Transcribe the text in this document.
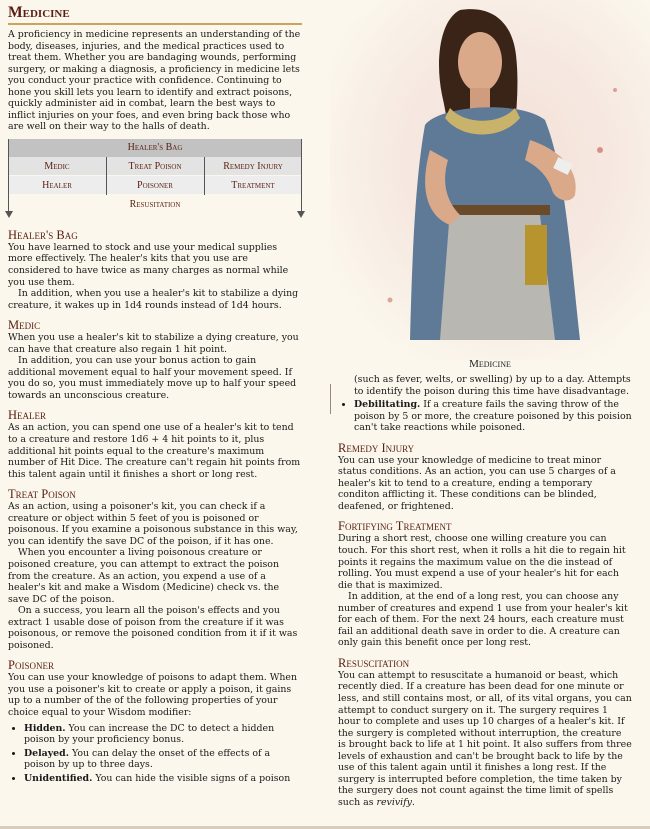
Medicine
Medicine

A proficiency in medicine represents an understanding of the body, diseases, injuries, and the medical practices used to treat them. Whether you are bandaging wounds, performing surgery, or making a diagnosis, a proficiency in medicine lets you conduct your practice with confidence. Continuing to hone you skill lets you learn to identify and extract poisons, quickly administer aid in combat, learn the best ways to inflict injuries on your foes, and even bring back those who are well on their way to the halls of death.

Healer's Bag
Medic	Treat Poison	Remedy Injury
Healer	Poisoner	Treatment
Resusitation
Healer's Bag

You have learned to stock and use your medical supplies more effectively. The healer's kits that you use are considered to have twice as many charges as normal while you use them.

In addition, when you use a healer's kit to stabilize a dying creature, it wakes up in 1d4 rounds instead of 1d4 hours.

Medic

When you use a healer's kit to stabilize a dying creature, you can have that creature also regain 1 hit point.

In addition, you can use your bonus action to gain additional movement equal to half your movement speed. If you do so, you must immediately move up to half your speed towards an unconscious creature.

Healer

As an action, you can spend one use of a healer's kit to tend to a creature and restore 1d6 + 4 hit points to it, plus additional hit points equal to the creature's maximum number of Hit Dice. The creature can't regain hit points from this talent again until it finishes a short or long rest.

Treat Poison

As an action, using a poisoner's kit, you can check if a creature or object within 5 feet of you is poisoned or poisonous. If you examine a poisonous substance in this way, you can identify the save DC of the poison, if it has one.

When you encounter a living poisonous creature or poisoned creature, you can attempt to extract the poison from the creature. As an action, you expend a use of a healer's kit and make a Wisdom (Medicine) check vs. the save DC of the poison.

On a success, you learn all the poison's effects and you extract 1 usable dose of poison from the creature if it was poisonous, or remove the poisoned condition from it if it was poisoned.

Poisoner

You can use your knowledge of poisons to adapt them. When you use a poisoner's kit to create or apply a poison, it gains up to a number of the of the following properties of your choice equal to your Wisdom modifier:

• Hidden. You can increase the DC to detect a hidden poison by your proficiency bonus.
• Delayed. You can delay the onset of the effects of a poison by up to three days.
• Unidentified. You can hide the visible signs of a poison

(such as fever, welts, or swelling) by up to a day. Attempts to identify the poison during this time have disadvantage.

• Debilitating. If a creature fails the saving throw of the poison by 5 or more, the creature poisoned by this poision can't take reactions while poisoned.
Remedy Injury

You can use your knowledge of medicine to treat minor status conditions. As an action, you can use 5 charges of a healer's kit to tend to a creature, ending a temporary conditon afflicting it. These conditions can be blinded, deafened, or frightened.

Fortifying Treatment

During a short rest, choose one willing creature you can touch. For this short rest, when it rolls a hit die to regain hit points it regains the maximum value on the die instead of rolling. You must expend a use of your healer's hit for each die that is maximized.

In addition, at the end of a long rest, you can choose any number of creatures and expend 1 use from your healer's kit for each of them. For the next 24 hours, each creature must fail an additional death save in order to die. A creature can only gain this benefit once per long rest.

Resuscitation

You can attempt to resuscitate a humanoid or beast, which recently died. If a creature has been dead for one minute or less, and still contains most, or all, of its vital organs, you can attempt to conduct surgery on it. The surgery requires 1 hour to complete and uses up 10 charges of a healer's kit. If the surgery is completed without interruption, the creature is brought back to life at 1 hit point. It also suffers from three levels of exhaustion and can't be brought back to life by the use of this talent again until it finishes a long rest. If the surgery is interrupted before completion, the time taken by the surgery does not count against the time limit of spells such as revivify.
